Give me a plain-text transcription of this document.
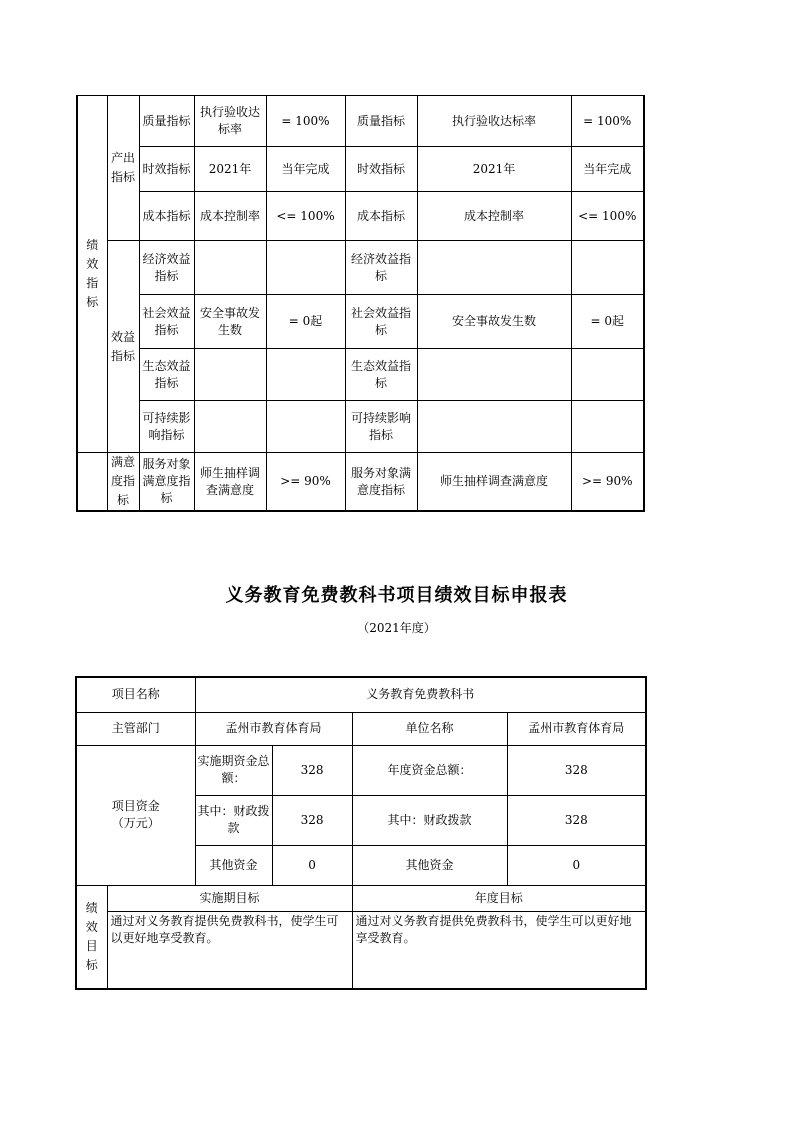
绩效指标	产出指标	质量指标	执行验收达标率	= 100%	质量指标	执行验收达标率	= 100%
		时效指标	2021年	当年完成	时效指标	2021年	当年完成
		成本指标	成本控制率	<= 100%	成本指标	成本控制率	<= 100%
	效益指标	经济效益指标			经济效益指标		
		社会效益指标	安全事故发生数	= 0起	社会效益指标	安全事故发生数	= 0起
		生态效益指标			生态效益指标		
		可持续影响指标			可持续影响指标		
	满意度指标	服务对象满意度指标	师生抽样调查满意度	>= 90%	服务对象满意度指标	师生抽样调查满意度	>= 90%
义务教育免费教科书项目绩效目标申报表
（2021年度）
项目名称		义务教育免费教科书			
主管部门		孟州市教育体育局		单位名称	孟州市教育体育局
项目资金（万元）		实施期资金总额：	328	年度资金总额：	328
		其中：财政拨款	328	其中：财政拨款	328
		其他资金	0	其他资金	0
绩效目标	实施期目标			年度目标	
	通过对义务教育提供免费教科书，使学生可以更好地享受教育。			通过对义务教育提供免费教科书，使学生可以更好地享受教育。	
